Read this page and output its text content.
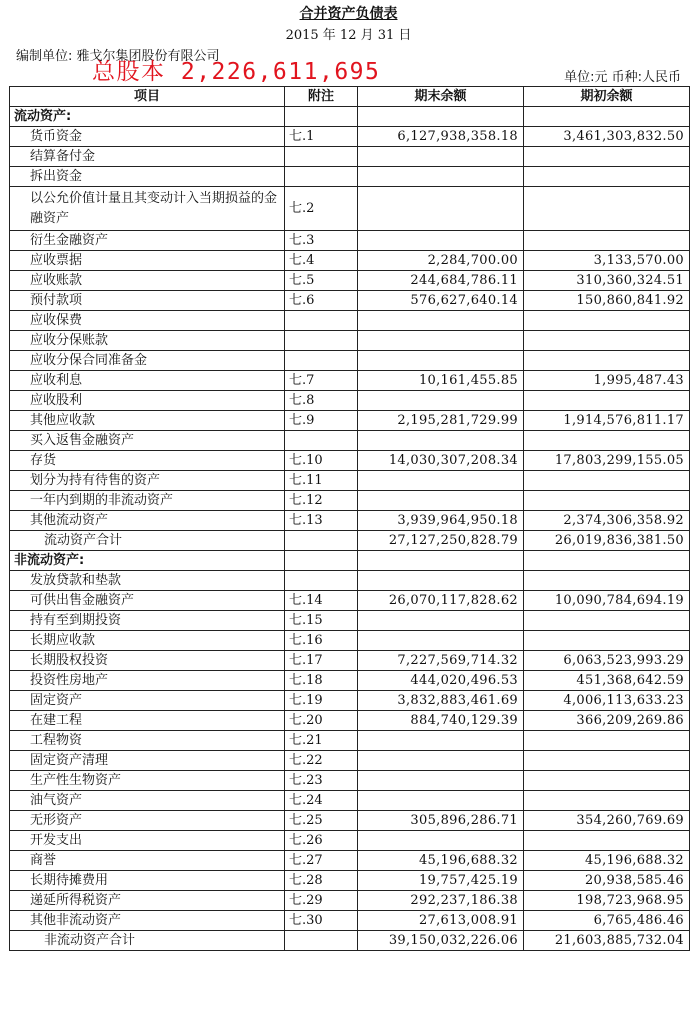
合并资产负债表
2015 年 12 月 31 日
编制单位: 雅戈尔集团股份有限公司
总股本 2,226,611,695	单位:元 币种:人民币
项目	附注	期末余额	期初余额
流动资产:			
货币资金	七.1	6,127,938,358.18	3,461,303,832.50
结算备付金			
拆出资金			
以公允价值计量且其变动计入当期损益的金融资产	七.2		
衍生金融资产	七.3		
应收票据	七.4	2,284,700.00	3,133,570.00
应收账款	七.5	244,684,786.11	310,360,324.51
预付款项	七.6	576,627,640.14	150,860,841.92
应收保费			
应收分保账款			
应收分保合同准备金			
应收利息	七.7	10,161,455.85	1,995,487.43
应收股利	七.8		
其他应收款	七.9	2,195,281,729.99	1,914,576,811.17
买入返售金融资产			
存货	七.10	14,030,307,208.34	17,803,299,155.05
划分为持有待售的资产	七.11		
一年内到期的非流动资产	七.12		
其他流动资产	七.13	3,939,964,950.18	2,374,306,358.92
流动资产合计		27,127,250,828.79	26,019,836,381.50
非流动资产:			
发放贷款和垫款			
可供出售金融资产	七.14	26,070,117,828.62	10,090,784,694.19
持有至到期投资	七.15		
长期应收款	七.16		
长期股权投资	七.17	7,227,569,714.32	6,063,523,993.29
投资性房地产	七.18	444,020,496.53	451,368,642.59
固定资产	七.19	3,832,883,461.69	4,006,113,633.23
在建工程	七.20	884,740,129.39	366,209,269.86
工程物资	七.21		
固定资产清理	七.22		
生产性生物资产	七.23		
油气资产	七.24		
无形资产	七.25	305,896,286.71	354,260,769.69
开发支出	七.26		
商誉	七.27	45,196,688.32	45,196,688.32
长期待摊费用	七.28	19,757,425.19	20,938,585.46
递延所得税资产	七.29	292,237,186.38	198,723,968.95
其他非流动资产	七.30	27,613,008.91	6,765,486.46
非流动资产合计		39,150,032,226.06	21,603,885,732.04
